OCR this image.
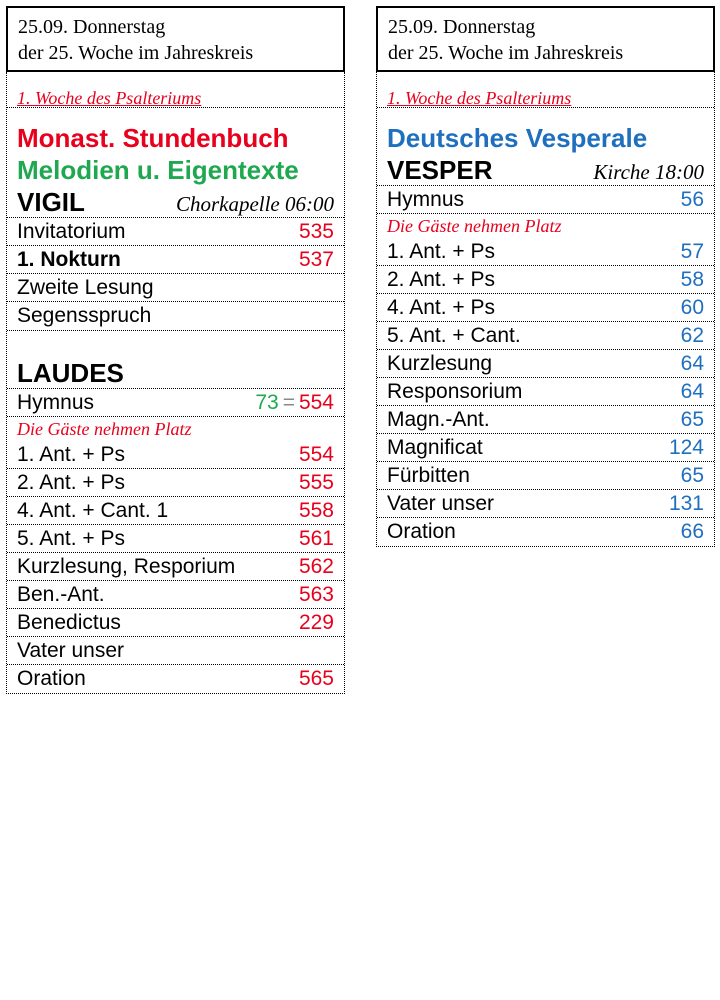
25.09. Donnerstag
der 25. Woche im Jahreskreis
1. Woche des Psalteriums
Monast. Stundenbuch
Melodien u. Eigentexte
VIGIL	Chorkapelle 06:00
Invitatorium	535
1. Nokturn	537
Zweite Lesung
Segensspruch
LAUDES
Hymnus	73 = 554
Die Gäste nehmen Platz
1. Ant. + Ps	554
2. Ant. + Ps	555
4. Ant. + Cant. 1	558
5. Ant. + Ps	561
Kurzlesung, Resporium	562
Ben.-Ant.	563
Benedictus	229
Vater unser
Oration	565
25.09. Donnerstag
der 25. Woche im Jahreskreis
1. Woche des Psalteriums
Deutsches Vesperale
VESPER	Kirche 18:00
Hymnus	56
Die Gäste nehmen Platz
1. Ant. + Ps	57
2. Ant. + Ps	58
4. Ant. + Ps	60
5. Ant. + Cant.	62
Kurzlesung	64
Responsorium	64
Magn.-Ant.	65
Magnificat	124
Fürbitten	65
Vater unser	131
Oration	66
